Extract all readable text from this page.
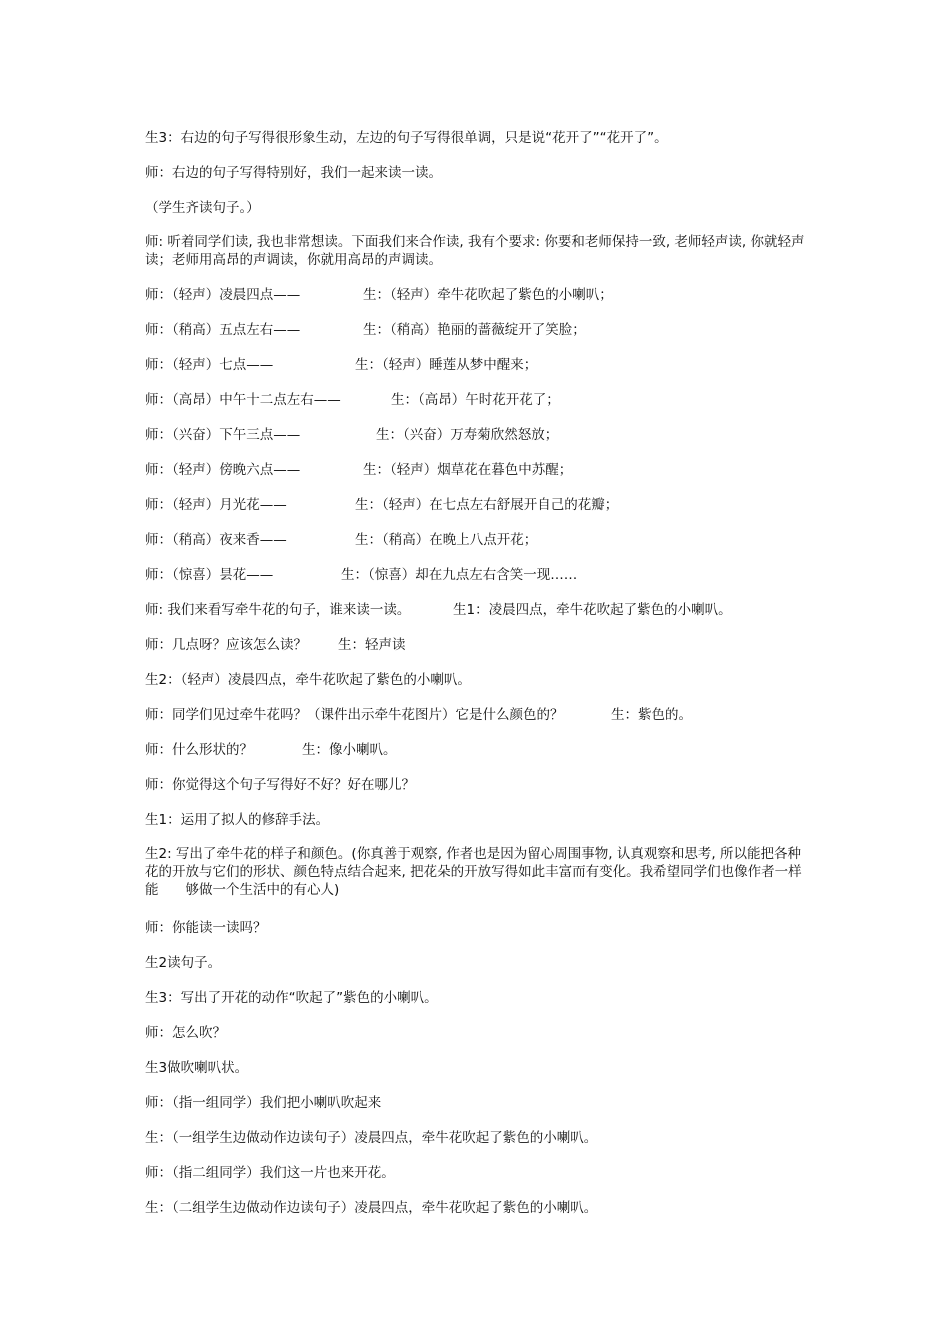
生3：右边的句子写得很形象生动，左边的句子写得很单调，只是说“花开了”“花开了”。
师：右边的句子写得特别好，我们一起来读一读。
（学生齐读句子。）
师: 听着同学们读, 我也非常想读。下面我们来合作读, 我有个要求: 你要和老师保持一致, 老师轻声读, 你就轻声读；老师用高昂的声调读，你就用高昂的声调读。
师：（轻声）凌晨四点——	生：（轻声）牵牛花吹起了紫色的小喇叭；
师：（稍高）五点左右——	生：（稍高）艳丽的蔷薇绽开了笑脸；
师：（轻声）七点——	生：（轻声）睡莲从梦中醒来；
师：（高昂）中午十二点左右——	生：（高昂）午时花开花了；
师：（兴奋）下午三点——	生：（兴奋）万寿菊欣然怒放；
师：（轻声）傍晚六点——	生：（轻声）烟草花在暮色中苏醒；
师：（轻声）月光花——	生：（轻声）在七点左右舒展开自己的花瓣；
师：（稍高）夜来香——	生：（稍高）在晚上八点开花；
师：（惊喜）昙花——	生：（惊喜）却在九点左右含笑一现……
师: 我们来看写牵牛花的句子，谁来读一读。	生1：凌晨四点，牵牛花吹起了紫色的小喇叭。
师：几点呀？应该怎么读？ 生：轻声读
生2：（轻声）凌晨四点，牵牛花吹起了紫色的小喇叭。
师：同学们见过牵牛花吗？（课件出示牵牛花图片）它是什么颜色的？	生：紫色的。
师：什么形状的？	生：像小喇叭。
师：你觉得这个句子写得好不好？好在哪儿？
生1：运用了拟人的修辞手法。
生2: 写出了牵牛花的样子和颜色。(你真善于观察, 作者也是因为留心周围事物, 认真观察和思考, 所以能把各种花的开放与它们的形状、颜色特点结合起来, 把花朵的开放写得如此丰富而有变化。我希望同学们也像作者一样能　　够做一个生活中的有心人)
师：你能读一读吗？
生2读句子。
生3：写出了开花的动作“吹起了”紫色的小喇叭。
师：怎么吹？
生3做吹喇叭状。
师：（指一组同学）我们把小喇叭吹起来
生：（一组学生边做动作边读句子）凌晨四点，牵牛花吹起了紫色的小喇叭。
师：（指二组同学）我们这一片也来开花。
生：（二组学生边做动作边读句子）凌晨四点，牵牛花吹起了紫色的小喇叭。
